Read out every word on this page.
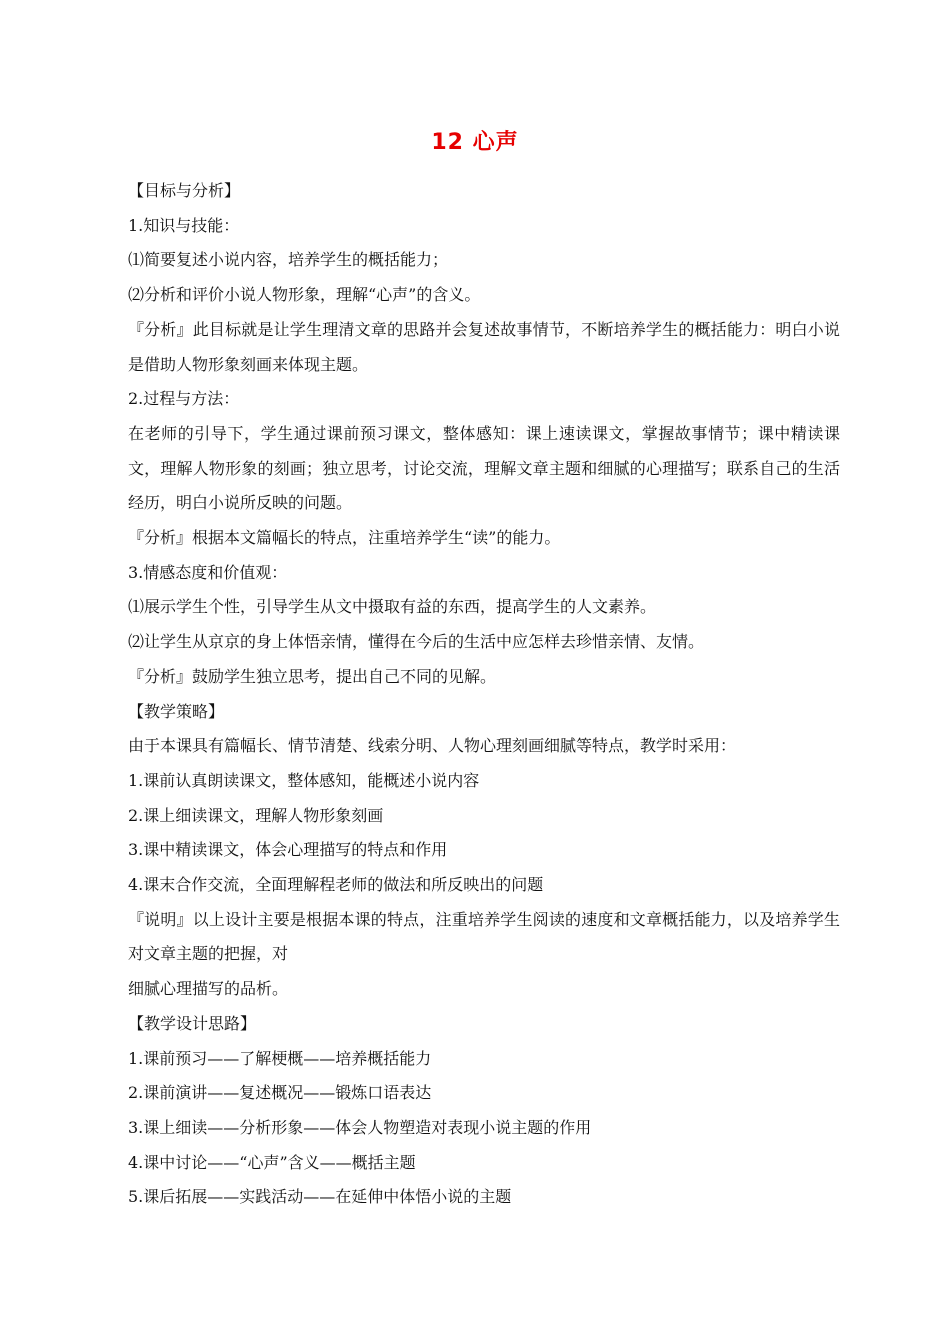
12 心声

【目标与分析】

1.知识与技能：

⑴简要复述小说内容，培养学生的概括能力；

⑵分析和评价小说人物形象，理解“心声”的含义。

『分析』此目标就是让学生理清文章的思路并会复述故事情节，不断培养学生的概括能力：明白小说是借助人物形象刻画来体现主题。

2.过程与方法：

在老师的引导下，学生通过课前预习课文，整体感知：课上速读课文，掌握故事情节；课中精读课文，理解人物形象的刻画；独立思考，讨论交流，理解文章主题和细腻的心理描写；联系自己的生活经历，明白小说所反映的问题。

『分析』根据本文篇幅长的特点，注重培养学生“读”的能力。

3.情感态度和价值观：

⑴展示学生个性，引导学生从文中摄取有益的东西，提高学生的人文素养。

⑵让学生从京京的身上体悟亲情，懂得在今后的生活中应怎样去珍惜亲情、友情。

『分析』鼓励学生独立思考，提出自己不同的见解。

【教学策略】

由于本课具有篇幅长、情节清楚、线索分明、人物心理刻画细腻等特点，教学时采用：

1.课前认真朗读课文，整体感知，能概述小说内容

2.课上细读课文，理解人物形象刻画

3.课中精读课文，体会心理描写的特点和作用

4.课末合作交流，全面理解程老师的做法和所反映出的问题

『说明』以上设计主要是根据本课的特点，注重培养学生阅读的速度和文章概括能力，以及培养学生对文章主题的把握，对

细腻心理描写的品析。

【教学设计思路】

1.课前预习——了解梗概——培养概括能力

2.课前演讲——复述概况——锻炼口语表达

3.课上细读——分析形象——体会人物塑造对表现小说主题的作用

4.课中讨论——“心声”含义——概括主题

5.课后拓展——实践活动——在延伸中体悟小说的主题
